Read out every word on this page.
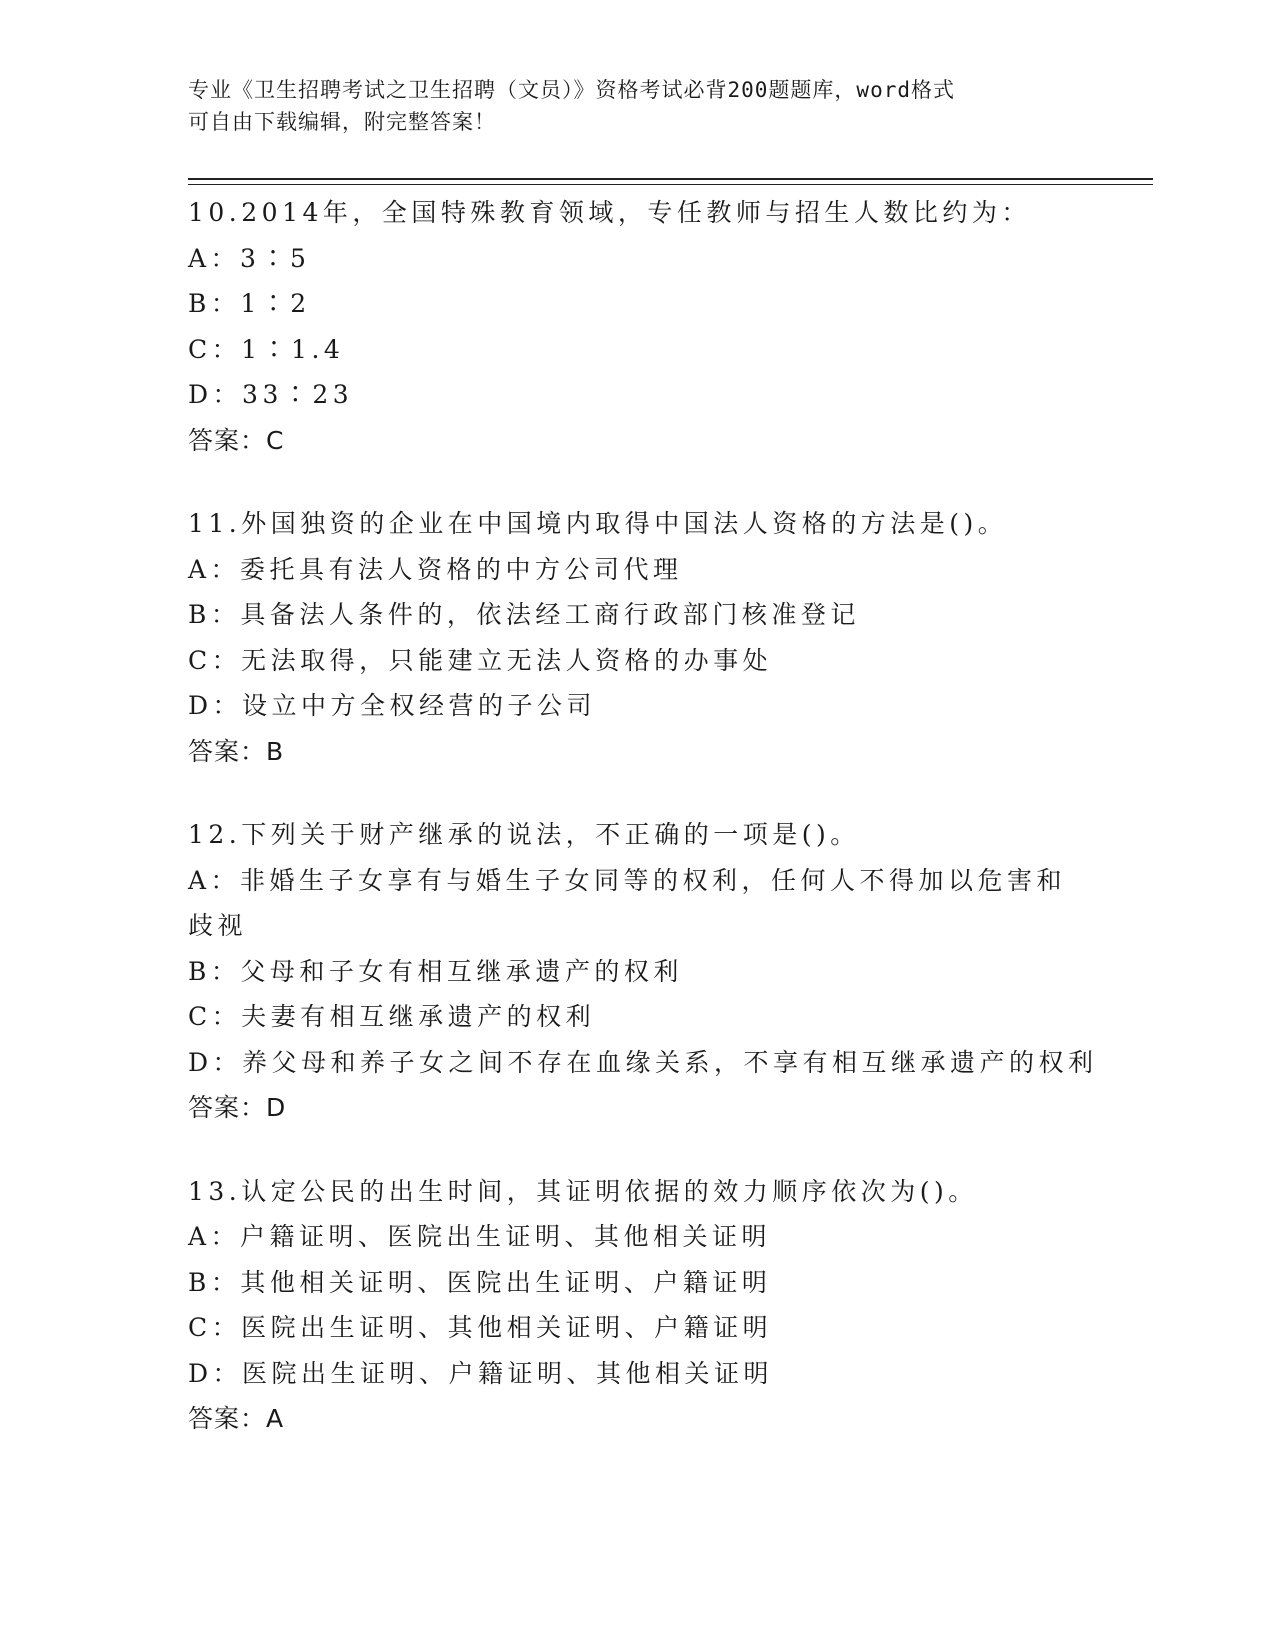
专业《卫生招聘考试之卫生招聘（文员）》资格考试必背200题题库，word格式
可自由下载编辑，附完整答案！
10.2014年，全国特殊教育领域，专任教师与招生人数比约为：
A：3∶5
B：1∶2
C：1∶1.4
D：33∶23
答案：C
11.外国独资的企业在中国境内取得中国法人资格的方法是()。
A：委托具有法人资格的中方公司代理
B：具备法人条件的，依法经工商行政部门核准登记
C：无法取得，只能建立无法人资格的办事处
D：设立中方全权经营的子公司
答案：B
12.下列关于财产继承的说法，不正确的一项是()。
A：非婚生子女享有与婚生子女同等的权利，任何人不得加以危害和歧视
B：父母和子女有相互继承遗产的权利
C：夫妻有相互继承遗产的权利
D：养父母和养子女之间不存在血缘关系，不享有相互继承遗产的权利
答案：D
13.认定公民的出生时间，其证明依据的效力顺序依次为()。
A：户籍证明、医院出生证明、其他相关证明
B：其他相关证明、医院出生证明、户籍证明
C：医院出生证明、其他相关证明、户籍证明
D：医院出生证明、户籍证明、其他相关证明
答案：A
